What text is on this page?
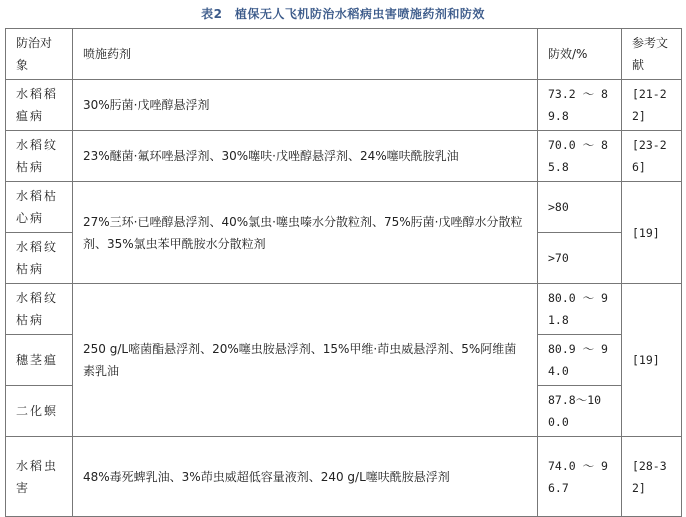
表2　植保无人飞机防治水稻病虫害喷施药剂和防效
防治对象	喷施药剂	防效/%	参考文献
水稻稻瘟病	30%肟菌·戊唑醇悬浮剂	73.2 ～ 89.8	[21-22]
水稻纹枯病	23%醚菌·氟环唑悬浮剂、30%噻呋·戊唑醇悬浮剂、24%噻呋酰胺乳油	70.0 ～ 85.8	[23-26]
水稻枯心病	27%三环·已唑醇悬浮剂、40%氯虫·噻虫嗪水分散粒剂、75%肟菌·戊唑醇水分散粒剂、35%氯虫苯甲酰胺水分散粒剂	>80	[19]
水稻纹枯病		>70	
水稻纹枯病	250 g/L嘧菌酯悬浮剂、20%噻虫胺悬浮剂、15%甲维·茚虫威悬浮剂、5%阿维菌素乳油	80.0 ～ 91.8	[19]
穗茎瘟		80.9 ～ 94.0	
二化螟		87.8～100.0	
水稻虫害	48%毒死蜱乳油、3%茚虫威超低容量液剂、240 g/L噻呋酰胺悬浮剂	74.0 ～ 96.7	[28-32]
